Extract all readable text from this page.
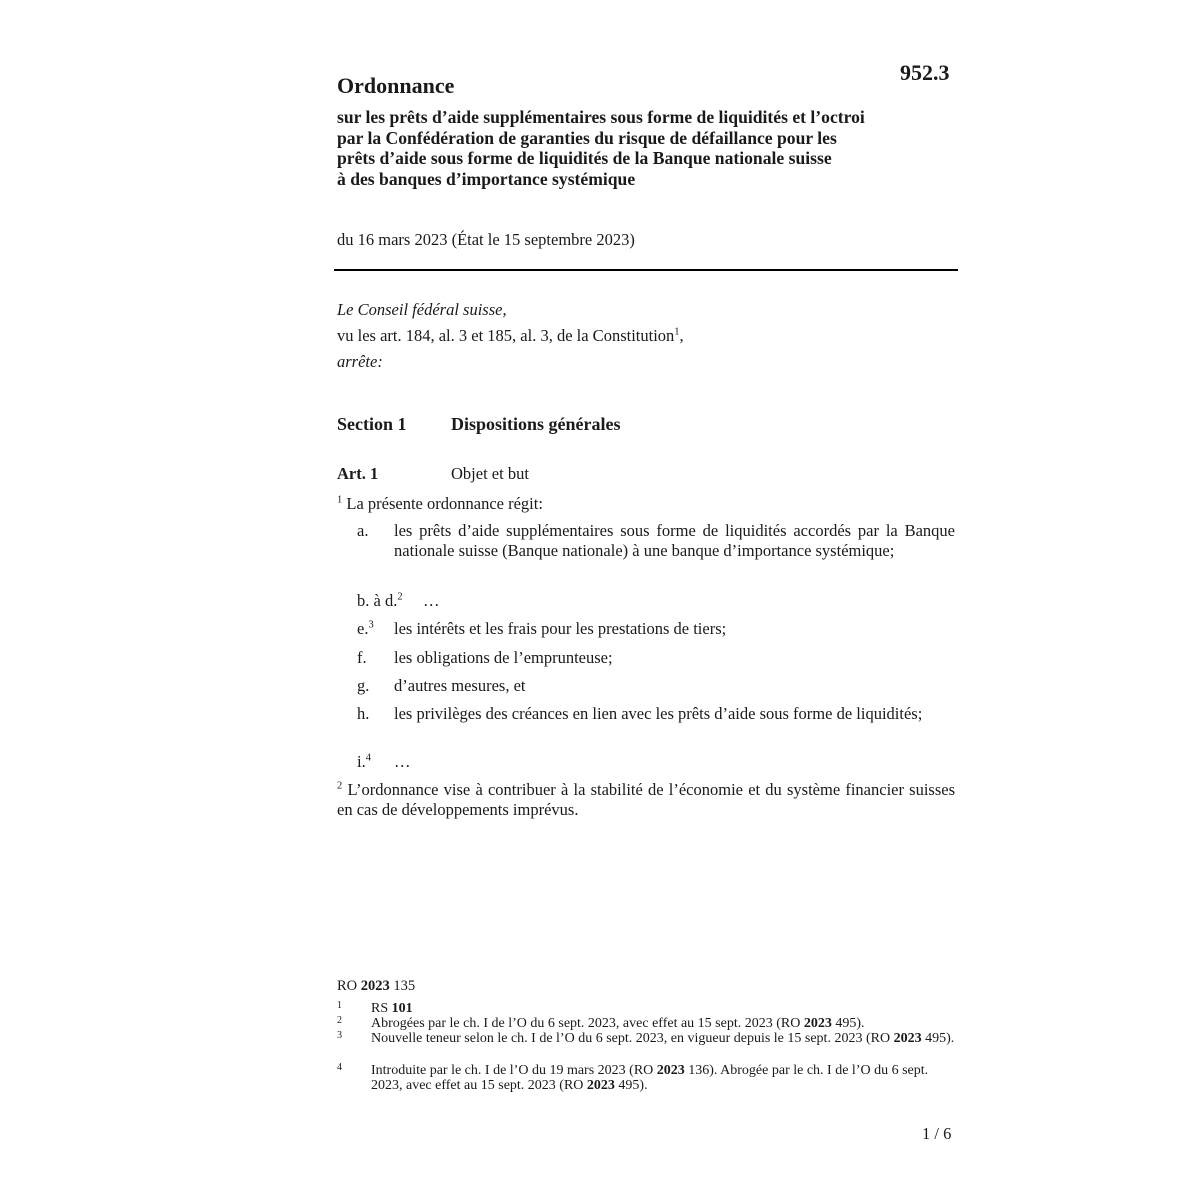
952.3
Ordonnance
sur les prêts d’aide supplémentaires sous forme de liquidités et l’octroi
par la Confédération de garanties du risque de défaillance pour les
prêts d’aide sous forme de liquidités de la Banque nationale suisse
à des banques d’importance systémique
du 16 mars 2023 (État le 15 septembre 2023)
Le Conseil fédéral suisse,
vu les art. 184, al. 3 et 185, al. 3, de la Constitution$^1$,
arrête:
Section 1 Dispositions générales
Art. 1	Objet et but
$^1$ La présente ordonnance régit:
a. les prêts d’aide supplémentaires sous forme de liquidités accordés par la Banque nationale suisse (Banque nationale) à une banque d’importance systémique;
b. à d.$^2$ …
e.$^3$ les intérêts et les frais pour les prestations de tiers;
f. les obligations de l’emprunteuse;
g. d’autres mesures, et
h. les privilèges des créances en lien avec les prêts d’aide sous forme de liquidités;
i.$^4$ …
$^2$ L’ordonnance vise à contribuer à la stabilité de l’économie et du système financier suisses en cas de développements imprévus.
RO 2023 135
1 RS 101
2 Abrogées par le ch. I de l’O du 6 sept. 2023, avec effet au 15 sept. 2023 (RO 2023 495).
3 Nouvelle teneur selon le ch. I de l’O du 6 sept. 2023, en vigueur depuis le 15 sept. 2023 (RO 2023 495).
4 Introduite par le ch. I de l’O du 19 mars 2023 (RO 2023 136). Abrogée par le ch. I de l’O du 6 sept. 2023, avec effet au 15 sept. 2023 (RO 2023 495).
1 / 6
